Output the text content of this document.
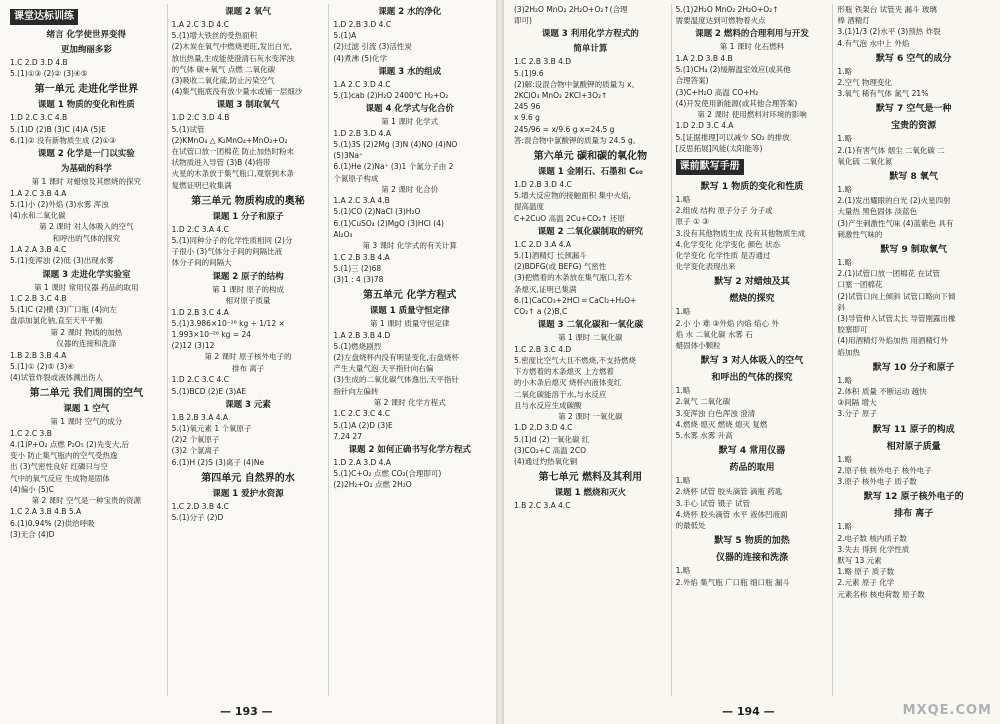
课堂达标训练
绪言 化学使世界变得
更加绚丽多彩
1.C 2.D 3.D 4.B
5.(1)①③ (2)② (3)④⑤
第一单元 走进化学世界
课题 1 物质的变化和性质
1.D 2.C 3.C 4.B
5.(1)D (2)B (3)C (4)A (5)E
6.(1)② 没有新物质生成 (2)①③
课题 2 化学是一门以实验
为基础的科学
第 1 课时 对蜡烛及其燃烧的探究
1.A 2.C 3.B 4.A
5.(1)小 (2)外焰 (3)水雾 浑浊
(4)水和二氧化碳
第 2 课时 对人体吸入的空气
和呼出的气体的探究
1.A 2.A 3.B 4.C
5.(1)变浑浊 (2)低 (3)出现水雾
课题 3 走进化学实验室
第 1 课时 常用仪器 药品的取用
1.C 2.B 3.C 4.B
5.(1)C (2)横 (3)广口瓶 (4)向左
盘添加氯化钠,直至天平平衡
第 2 课时 物质的加热
仪器的连接和洗涤
1.B 2.B 3.B 4.A
5.(1)① (2)⑤ (3)④
(4)试管炸裂或液体溅出伤人
第二单元 我们周围的空气
课题 1 空气
第 1 课时 空气的成分
1.C 2.C 3.B
4.(1)P+O₂ 点燃 P₂O₅ (2)先变大,后
变小 防止集气瓶内的空气受热逸
出 (3)气密性良好 红磷只与空
气中的氧气反应 生成物是固体
(4)偏小 (5)C
第 2 课时 空气是一种宝贵的资源
1.C 2.A 3.B 4.B 5.A
6.(1)0.94% (2)供给呼吸
(3)无合 (4)D
课题 2 氧气
1.A 2.C 3.D 4.C
5.(1)增大铁丝的受热面积
(2)木炭在氧气中燃烧更旺,发出白光,
放出热量,生成能使澄清石灰水变浑浊
的气体 碳+氧气 点燃 二氧化碳
(3)吸收二氧化硫,防止污染空气
(4)集气瓶底没有放少量水或铺一层细沙
课题 3 制取氧气
1.D 2.C 3.D 4.B
5.(1)试管
(2)KMnO₄ △ K₂MnO₄+MnO₂+O₂
在试管口放一团棉花 防止加热时粉末
状物质进入导管 (3)B (4)将带
火星的木条放于集气瓶口,观察到木条
复燃证明已收集满
第三单元 物质构成的奥秘
课题 1 分子和原子
1.D 2.C 3.A 4.C
5.(1)同种分子的化学性质相同 (2)分
子很小 (3)气体分子间的间隔比液
体分子间的间隔大
课题 2 原子的结构
第 1 课时 原子的构成
相对原子质量
1.D 2.B 3.C 4.A
5.(1)3.986×10⁻²⁶ kg ÷ 1/12 ×
1.993×10⁻²⁶ kg = 24
(2)12 (3)12
第 2 课时 原子核外电子的
排布 离子
1.D 2.C 3.C 4.C
5.(1)BCD (2)E (3)AE
课题 3 元素
1.B 2.B 3.A 4.A
5.(1)氧元素 1 个氧原子
(2)2 个氧原子
(3)2 个氯离子
6.(1)H (2)S (3)离子 (4)Ne
第四单元 自然界的水
课题 1 爱护水资源
1.C 2.D 3.B 4.C
5.(1)分子 (2)D
课题 2 水的净化
1.D 2.B 3.D 4.C
5.(1)A
(2)过滤 引流 (3)活性炭
(4)煮沸 (5)化学
课题 3 水的组成
1.A 2.C 3.D 4.C
5.(1)cab (2)H₂O 2400℃ H₂+O₂
课题 4 化学式与化合价
第 1 课时 化学式
1.D 2.B 3.D 4.A
5.(1)3S (2)2Mg (3)N (4)NO (4)NO
(5)3Na⁺
6.(1)He (2)Na⁺ (3)1 个氮分子由 2
个氮原子构成
第 2 课时 化合价
1.A 2.C 3.A 4.B
5.(1)CO (2)NaCl (3)H₂O
6.(1)CuSO₄ (2)MgO (3)HCl (4)
Al₂O₃
第 3 课时 化学式的有关计算
1.C 2.B 3.B 4.A
5.(1)三 (2)68
(3)1 : 4 (3)78
第五单元 化学方程式
课题 1 质量守恒定律
第 1 课时 质量守恒定律
1.A 2.B 3.B 4.D
5.(1)燃烧剧烈
(2)左盘烧杯内没有明显变化,右盘烧杯
产生大量气泡 天平指针向右偏
(3)生成的二氧化碳气体逸出,天平指针
指针向左偏转
第 2 课时 化学方程式
1.C 2.C 3.C 4.C
5.(1)A (2)D (3)E
7.24 27
课题 2 如何正确书写化学方程式
1.D 2.A 3.D 4.A
5.(1)C+O₂ 点燃 CO₂(合理即可)
(2)2H₂+O₂ 点燃 2H₂O
— 193 —
(3)2H₂O MnO₂ 2H₂O+O₂↑(合理
即可)
课题 3 利用化学方程式的
简单计算
1.C 2.B 3.B 4.D
5.(1)9.6
(2)解:设混合物中氯酸钾的质量为 x。
2KClO₃ MnO₂ 2KCl+3O₂↑
245 96
x 9.6 g
245/96 = x/9.6 g x=24.5 g
答:混合物中氯酸钾的质量为 24.5 g。
第六单元 碳和碳的氧化物
课题 1 金刚石、石墨和 C₆₀
1.D 2.B 3.D 4.C
5.增大反应物的接触面积 集中火焰,
提高温度
C+2CuO 高温 2Cu+CO₂↑ 还原
课题 2 二氧化碳制取的研究
1.C 2.D 3.A 4.A
5.(1)酒精灯 长颈漏斗
(2)BDFG(或 BEFG) 气密性
(3)把燃着的木条放在集气瓶口,若木
条熄灭,证明已集满
6.(1)CaCO₃+2HCl ═ CaCl₂+H₂O+
CO₂↑ a (2)B,C
课题 3 二氧化碳和一氧化碳
第 1 课时 二氧化碳
1.C 2.B 3.C 4.D
5.密度比空气大且不燃烧,不支持燃烧
下方燃着的木条熄灭 上方燃着
的小木条后熄灭 烧杯内液体变红
二氧化碳能溶于水,与水反应
且与水反应生成碳酸
第 2 课时 一氧化碳
1.D 2.D 3.D 4.C
5.(1)d (2)一氧化碳 红
(3)CO₂+C 高温 2CO
(4)通过灼热氧化铜
第七单元 燃料及其利用
课题 1 燃烧和灭火
1.B 2.C 3.A 4.C
5.(1)2H₂O MnO₂ 2H₂O+O₂↑
需要温度达到可燃物着火点
课题 2 燃料的合理利用与开发
第 1 课时 化石燃料
1.A 2.D 3.B 4.B
5.(1)CH₄ (2)缓解温室效应(或其他
合理答案)
(3)C+H₂O 高温 CO+H₂
(4)开发使用新能源(或其他合理答案)
第 2 课时 使用燃料对环境的影响
1.D 2.D 3.C 4.A
5.[证据推理]可以减少 SO₂ 的排放
[反思拓展]风能(太阳能等)
课前默写手册
默写 1 物质的变化和性质
1.略
2.组成 结构 原子分子 分子或
原子 ① ③
3.没有其他物质生成 没有其他物质生成
4.化学变化 化学变化 颜色 状态
化学变化 化学性质 是否通过
化学变化表现出来
默写 2 对蜡烛及其
燃烧的探究
1.略
2.小 小 难 ③外焰 内焰 焰心 外
焰 水 二氧化碳 水雾 石
蜡固体小颗粒
默写 3 对人体吸入的空气
和呼出的气体的探究
1.略
2.氧气 二氧化碳
3.变浑浊 白色浑浊 澄清
4.燃烧 熄灭 燃烧 熄灭 复燃
5.水雾 水雾 升高
默写 4 常用仪器
药品的取用
1.略
2.烧杯 试管 胶头滴管 滴瓶 药匙
3.手心 试管 镊子 试管
4.烧杯 胶头滴管 水平 液体凹液面
的最低处
默写 5 物质的加热
仪器的连接和洗涤
1.略
2.外焰 集气瓶 广口瓶 细口瓶 漏斗
形瓶 铁架台 试管夹 漏斗 玻璃
棒 酒精灯
3.(1)1/3 (2)水平 (3)预热 炸裂
4.有气泡 水中上 外焰
默写 6 空气的成分
1.略
2.空气 物理变化
3.氧气 稀有气体 氮气 21%
默写 7 空气是一种
宝贵的资源
1.略
2.(1)有害气体 烟尘 二氧化碳 二
氧化硫 二氧化氮
默写 8 氧气
1.略
2.(1)发出耀眼的白光 (2)火星四射
大量热 黑色固体 淡蓝色
(3)产生刺激性气味 (4)蓝紫色 具有
刺激性气味的
默写 9 制取氧气
1.略
2.(1)试管口放一团棉花 在试管
口塞一团棉花
(2)试管口向上倾斜 试管口略向下倾
斜
(3)导管伸入试管太长 导管刚露出橡
胶塞即可
(4)用酒精灯外焰加热 用酒精灯外
焰加热
默写 10 分子和原子
1.略
2.体积 质量 不断运动 越快
③间隔 增大
3.分子 原子
默写 11 原子的构成
相对原子质量
1.略
2.原子核 核外电子 核外电子
3.原子 核外电子 质子数
默写 12 原子核外电子的
排布 离子
1.略
2.电子数 核内质子数
3.失去 得到 化学性质
默写 13 元素
1.略 原子 质子数
2.元素 原子 化学
元素名称 核电荷数 原子数
— 194 —	MXQE.COM
